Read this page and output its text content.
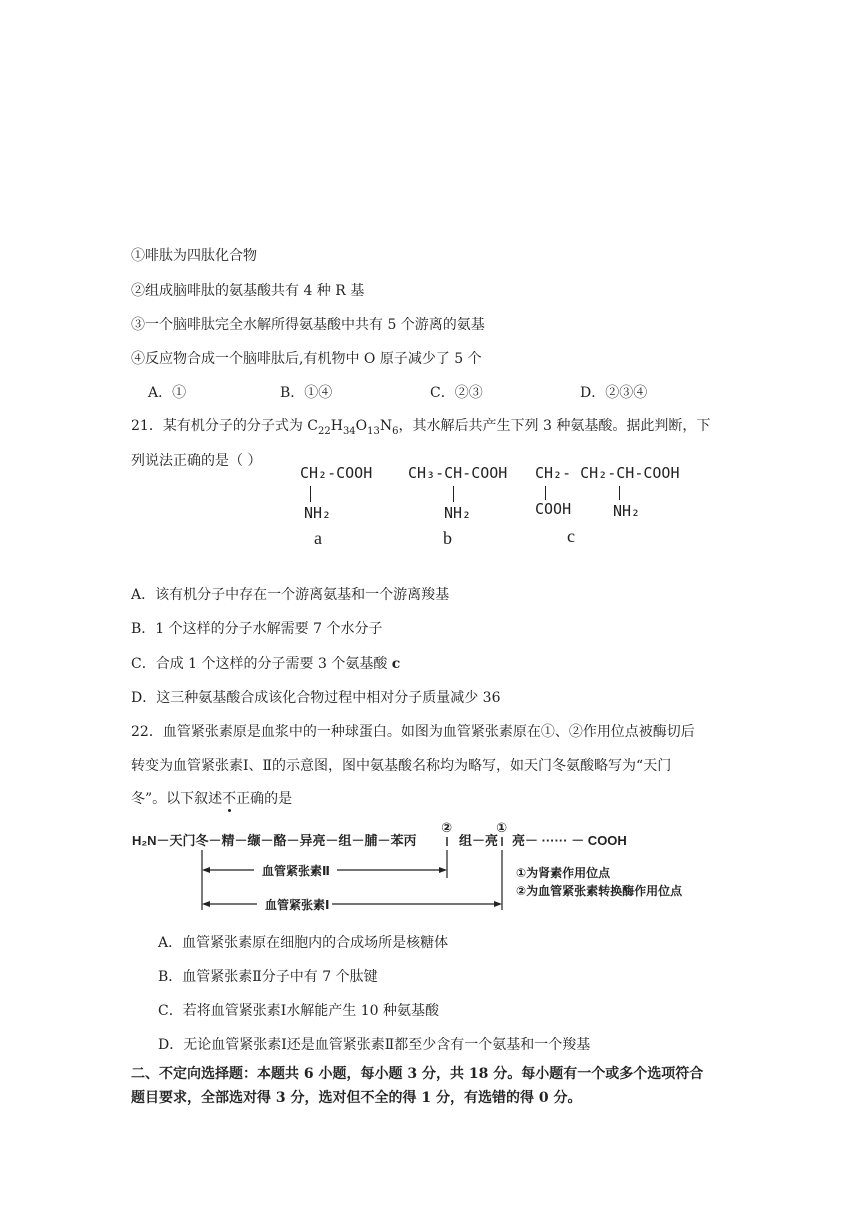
①啡肽为四肽化合物
②组成脑啡肽的氨基酸共有 4 种 R 基
③一个脑啡肽完全水解所得氨基酸中共有 5 个游离的氨基
④反应物合成一个脑啡肽后,有机物中 O 原子减少了 5 个
A．①	B．①④	C．②③	D．②③④
21．某有机分子的分子式为 $C_{22}H_{34}O_{13}N_6$，其水解后共产生下列 3 种氨基酸。据此判断，下
列说法正确的是（ ）
CH₂-COOH
NH₂
a
CH₃-CH-COOH
NH₂
b
CH₂- CH₂-CH-COOH
COOH	NH₂
c
A．该有机分子中存在一个游离氨基和一个游离羧基
B．1 个这样的分子水解需要 7 个水分子
C．合成 1 个这样的分子需要 3 个氨基酸 c
D．这三种氨基酸合成该化合物过程中相对分子质量减少 36
22．血管紧张素原是血浆中的一种球蛋白。如图为血管紧张素原在①、②作用位点被酶切后
转变为血管紧张素Ⅰ、Ⅱ的示意图，图中氨基酸名称均为略写，如天门冬氨酸略写为“天门
冬”。以下叙述不正确的是
H₂N－天门冬－精－缬－酪－异亮－组－脯－苯丙
②
组－亮
①
亮－ ······ － COOH
血管紧张素Ⅱ
血管紧张素Ⅰ
①为肾素作用位点
②为血管紧张素转换酶作用位点
A．血管紧张素原在细胞内的合成场所是核糖体
B．血管紧张素Ⅱ分子中有 7 个肽键
C．若将血管紧张素Ⅰ水解能产生 10 种氨基酸
D．无论血管紧张素Ⅰ还是血管紧张素Ⅱ都至少含有一个氨基和一个羧基
二、不定向选择题：本题共 6 小题，每小题 3 分，共 18 分。每小题有一个或多个选项符合
题目要求，全部选对得 3 分，选对但不全的得 1 分，有选错的得 0 分。
